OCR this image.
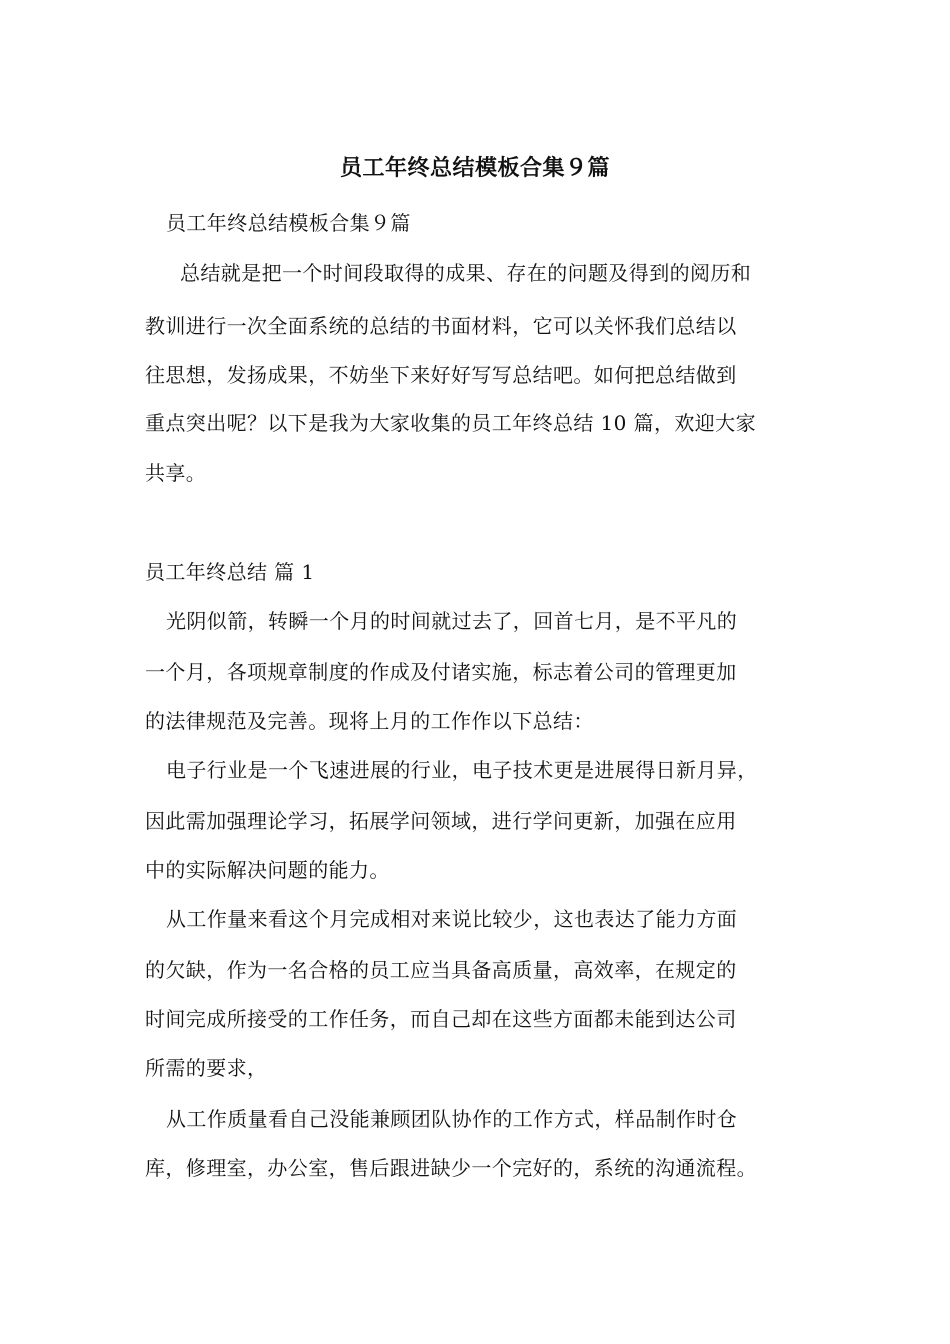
员工年终总结模板合集９篇

员工年终总结模板合集９篇

总结就是把一个时间段取得的成果、存在的问题及得到的阅历和

教训进行一次全面系统的总结的书面材料，它可以关怀我们总结以

往思想，发扬成果，不妨坐下来好好写写总结吧。如何把总结做到

重点突出呢？以下是我为大家收集的员工年终总结 10 篇，欢迎大家

共享。

员工年终总结 篇 1

光阴似箭，转瞬一个月的时间就过去了，回首七月，是不平凡的

一个月，各项规章制度的作成及付诸实施，标志着公司的管理更加

的法律规范及完善。现将上月的工作作以下总结：

电子行业是一个飞速进展的行业，电子技术更是进展得日新月异，

因此需加强理论学习，拓展学问领域，进行学问更新，加强在应用

中的实际解决问题的能力。

从工作量来看这个月完成相对来说比较少，这也表达了能力方面

的欠缺，作为一名合格的员工应当具备高质量，高效率，在规定的

时间完成所接受的工作任务，而自己却在这些方面都未能到达公司

所需的要求，

从工作质量看自己没能兼顾团队协作的工作方式，样品制作时仓

库，修理室，办公室，售后跟进缺少一个完好的，系统的沟通流程。
